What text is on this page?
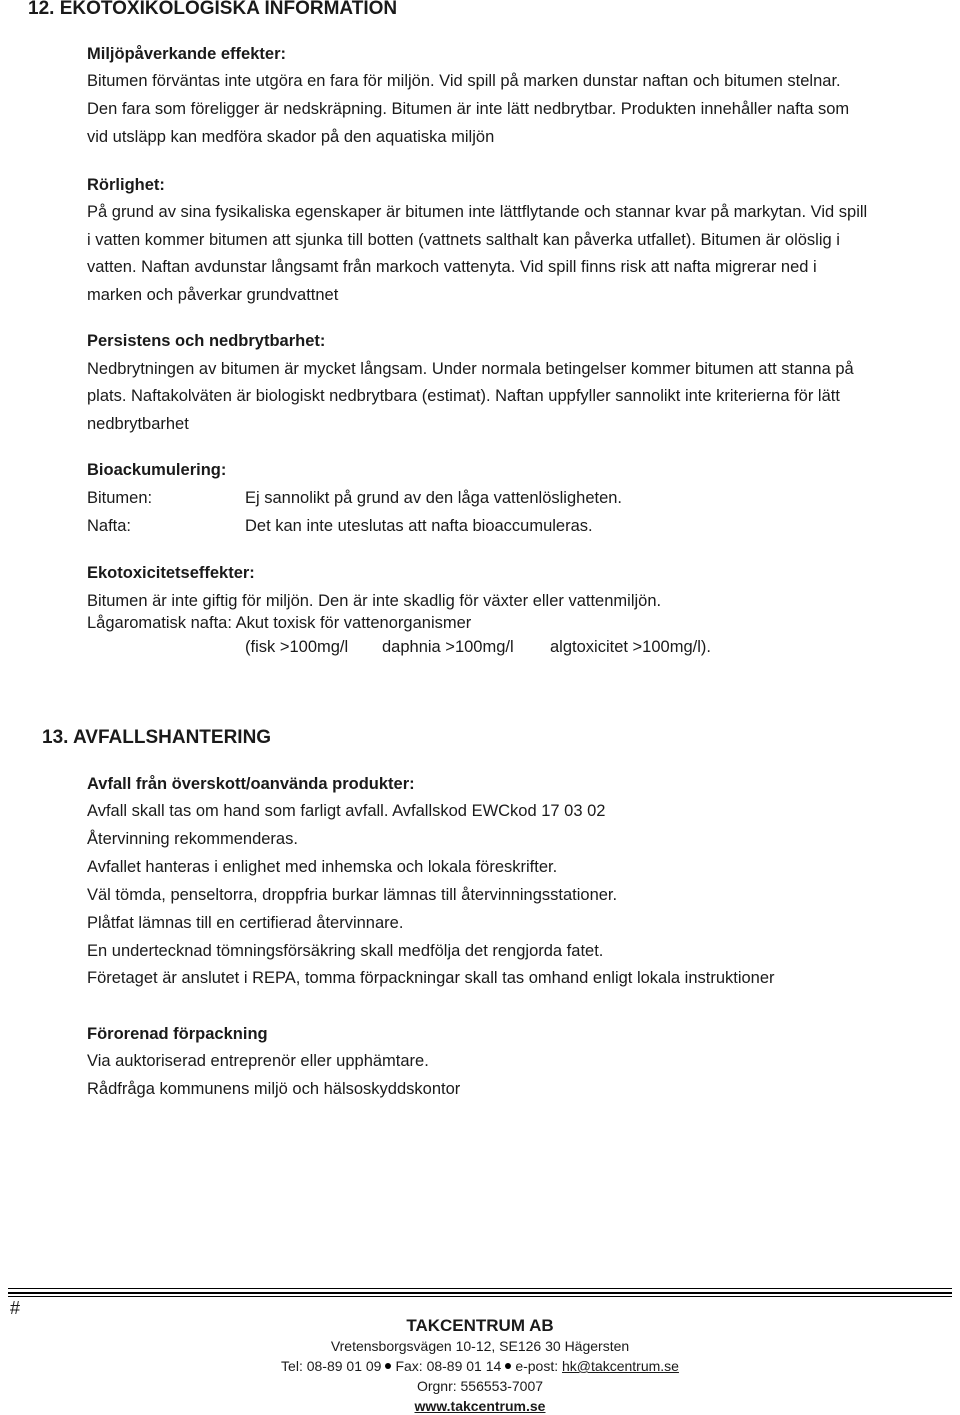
12. EKOTOXIKOLOGISKA INFORMATION
Miljöpåverkande effekter:
Bitumen förväntas inte utgöra en fara för miljön. Vid spill på marken dunstar naftan och bitumen stelnar.
Den fara som föreligger är nedskräpning. Bitumen är inte lätt nedbrytbar. Produkten innehåller nafta som
vid utsläpp kan medföra skador på den aquatiska miljön
Rörlighet:
På grund av sina fysikaliska egenskaper är bitumen inte lättflytande och stannar kvar på markytan. Vid spill
i vatten kommer bitumen att sjunka till botten (vattnets salthalt kan påverka utfallet). Bitumen är olöslig i
vatten. Naftan avdunstar långsamt från markoch vattenyta. Vid spill finns risk att nafta migrerar ned i
marken och påverkar grundvattnet
Persistens och nedbrytbarhet:
Nedbrytningen av bitumen är mycket långsam. Under normala betingelser kommer bitumen att stanna på
plats. Naftakolväten är biologiskt nedbrytbara (estimat). Naftan uppfyller sannolikt inte kriterierna för lätt
nedbrytbarhet
Bioackumulering:
Bitumen:	Ej sannolikt på grund av den låga vattenlösligheten.
Nafta:	Det kan inte uteslutas att nafta bioaccumuleras.
Ekotoxicitetseffekter:
Bitumen är inte giftig för miljön. Den är inte skadlig för växter eller vattenmiljön.
Lågaromatisk nafta: Akut toxisk för vattenorganismer
(fisk >100mg/l daphnia >100mg/l algtoxicitet >100mg/l).
13. AVFALLSHANTERING
Avfall från överskott/oanvända produkter:
Avfall skall tas om hand som farligt avfall. Avfallskod EWCkod 17 03 02
Återvinning rekommenderas.
Avfallet hanteras i enlighet med inhemska och lokala föreskrifter.
Väl tömda, penseltorra, droppfria burkar lämnas till återvinningsstationer.
Plåtfat lämnas till en certifierad återvinnare.
En undertecknad tömningsförsäkring skall medfölja det rengjorda fatet.
Företaget är anslutet i REPA, tomma förpackningar skall tas omhand enligt lokala instruktioner
Förorenad förpackning
Via auktoriserad entreprenör eller upphämtare.
Rådfråga kommunens miljö och hälsoskyddskontor
#
TAKCENTRUM AB
Vretensborgsvägen 10-12, SE126 30 Hägersten
Tel: 08-89 01 09 Fax: 08-89 01 14 e-post: hk@takcentrum.se
Orgnr: 556553-7007
www.takcentrum.se
